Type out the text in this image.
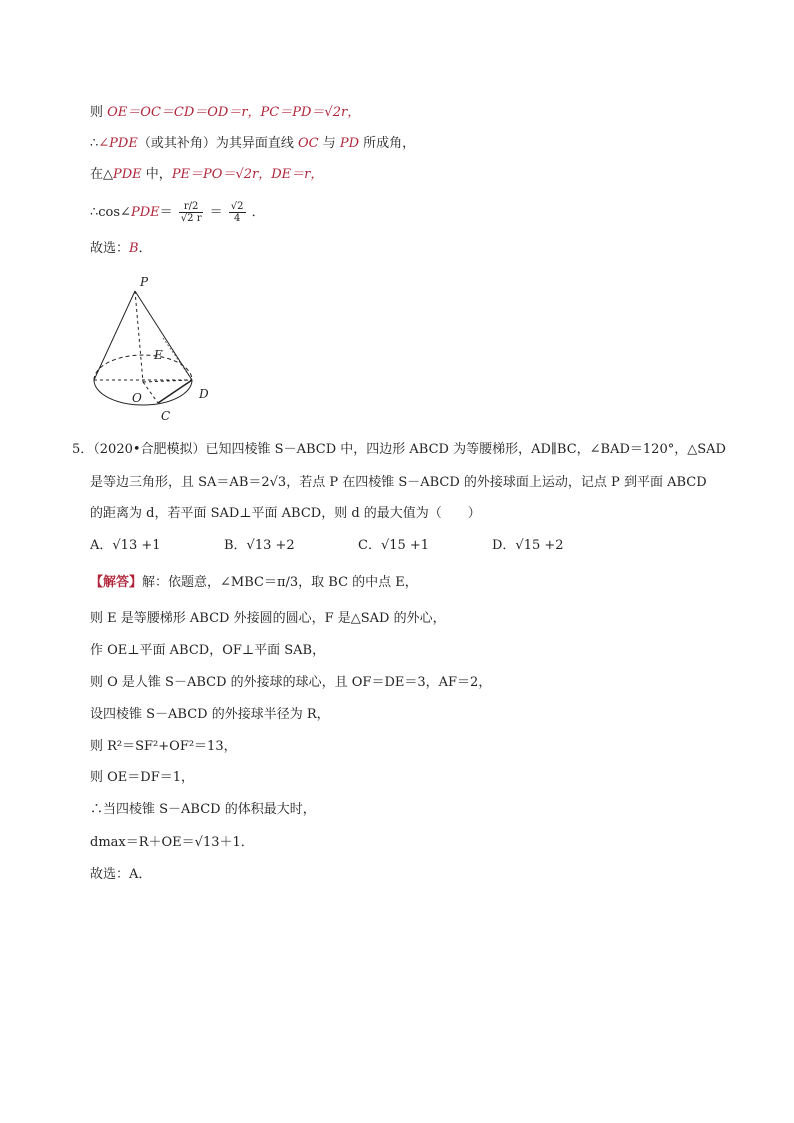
则 OE＝OC＝CD＝OD＝r，PC＝PD＝√2r，
∴∠PDE（或其补角）为其异面直线 OC 与 PD 所成角，
在△PDE 中，PE＝PO＝√2r，DE＝r，
∴cos∠PDE＝ $\frac{r/2}{√2 r} = \frac{√2}{4}$ ．
故选：B．
P
E
O	D
C
5．（2020•合肥模拟）已知四棱锥 S－ABCD 中，四边形 ABCD 为等腰梯形，AD∥BC，∠BAD＝120°，△SAD
是等边三角形，且 SA＝AB＝2√3，若点 P 在四棱锥 S－ABCD 的外接球面上运动，记点 P 到平面 ABCD
的距离为 d，若平面 SAD⊥平面 ABCD，则 d 的最大值为（　　）
A．√13 +1	B．√13 +2	C．√15 +1	D．√15 +2
【解答】解：依题意，∠MBC＝π/3，取 BC 的中点 E，
则 E 是等腰梯形 ABCD 外接圆的圆心，F 是△SAD 的外心，
作 OE⊥平面 ABCD，OF⊥平面 SAB，
则 O 是人锥 S－ABCD 的外接球的球心，且 OF＝DE＝3，AF＝2，
设四棱锥 S－ABCD 的外接球半径为 R，
则 R²＝SF²+OF²＝13，
则 OE＝DF＝1，
∴当四棱锥 S－ABCD 的体积最大时，
dmax＝R＋OE＝√13＋1．
故选：A．
